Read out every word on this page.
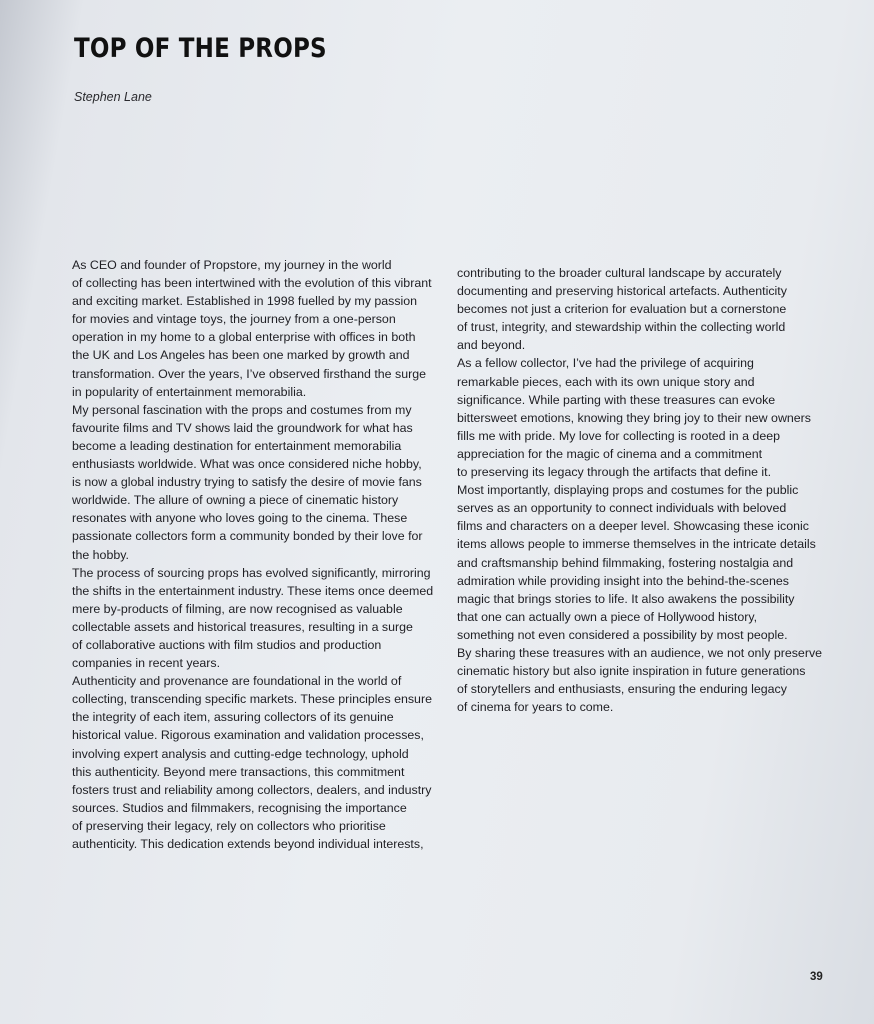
TOP OF THE PROPS
Stephen Lane
As CEO and founder of Propstore, my journey in the world
of collecting has been intertwined with the evolution of this vibrant
and exciting market. Established in 1998 fuelled by my passion
for movies and vintage toys, the journey from a one-person
operation in my home to a global enterprise with offices in both
the UK and Los Angeles has been one marked by growth and
transformation. Over the years, I’ve observed firsthand the surge
in popularity of entertainment memorabilia.
My personal fascination with the props and costumes from my
favourite films and TV shows laid the groundwork for what has
become a leading destination for entertainment memorabilia
enthusiasts worldwide. What was once considered niche hobby,
is now a global industry trying to satisfy the desire of movie fans
worldwide. The allure of owning a piece of cinematic history
resonates with anyone who loves going to the cinema. These
passionate collectors form a community bonded by their love for
the hobby.
The process of sourcing props has evolved significantly, mirroring
the shifts in the entertainment industry. These items once deemed
mere by-products of filming, are now recognised as valuable
collectable assets and historical treasures, resulting in a surge
of collaborative auctions with film studios and production
companies in recent years.
Authenticity and provenance are foundational in the world of
collecting, transcending specific markets. These principles ensure
the integrity of each item, assuring collectors of its genuine
historical value. Rigorous examination and validation processes,
involving expert analysis and cutting-edge technology, uphold
this authenticity. Beyond mere transactions, this commitment
fosters trust and reliability among collectors, dealers, and industry
sources. Studios and filmmakers, recognising the importance
of preserving their legacy, rely on collectors who prioritise
authenticity. This dedication extends beyond individual interests,
contributing to the broader cultural landscape by accurately
documenting and preserving historical artefacts. Authenticity
becomes not just a criterion for evaluation but a cornerstone
of trust, integrity, and stewardship within the collecting world
and beyond.
As a fellow collector, I’ve had the privilege of acquiring
remarkable pieces, each with its own unique story and
significance. While parting with these treasures can evoke
bittersweet emotions, knowing they bring joy to their new owners
fills me with pride. My love for collecting is rooted in a deep
appreciation for the magic of cinema and a commitment
to preserving its legacy through the artifacts that define it.
Most importantly, displaying props and costumes for the public
serves as an opportunity to connect individuals with beloved
films and characters on a deeper level. Showcasing these iconic
items allows people to immerse themselves in the intricate details
and craftsmanship behind filmmaking, fostering nostalgia and
admiration while providing insight into the behind-the-scenes
magic that brings stories to life. It also awakens the possibility
that one can actually own a piece of Hollywood history,
something not even considered a possibility by most people.
By sharing these treasures with an audience, we not only preserve
cinematic history but also ignite inspiration in future generations
of storytellers and enthusiasts, ensuring the enduring legacy
of cinema for years to come.
39
